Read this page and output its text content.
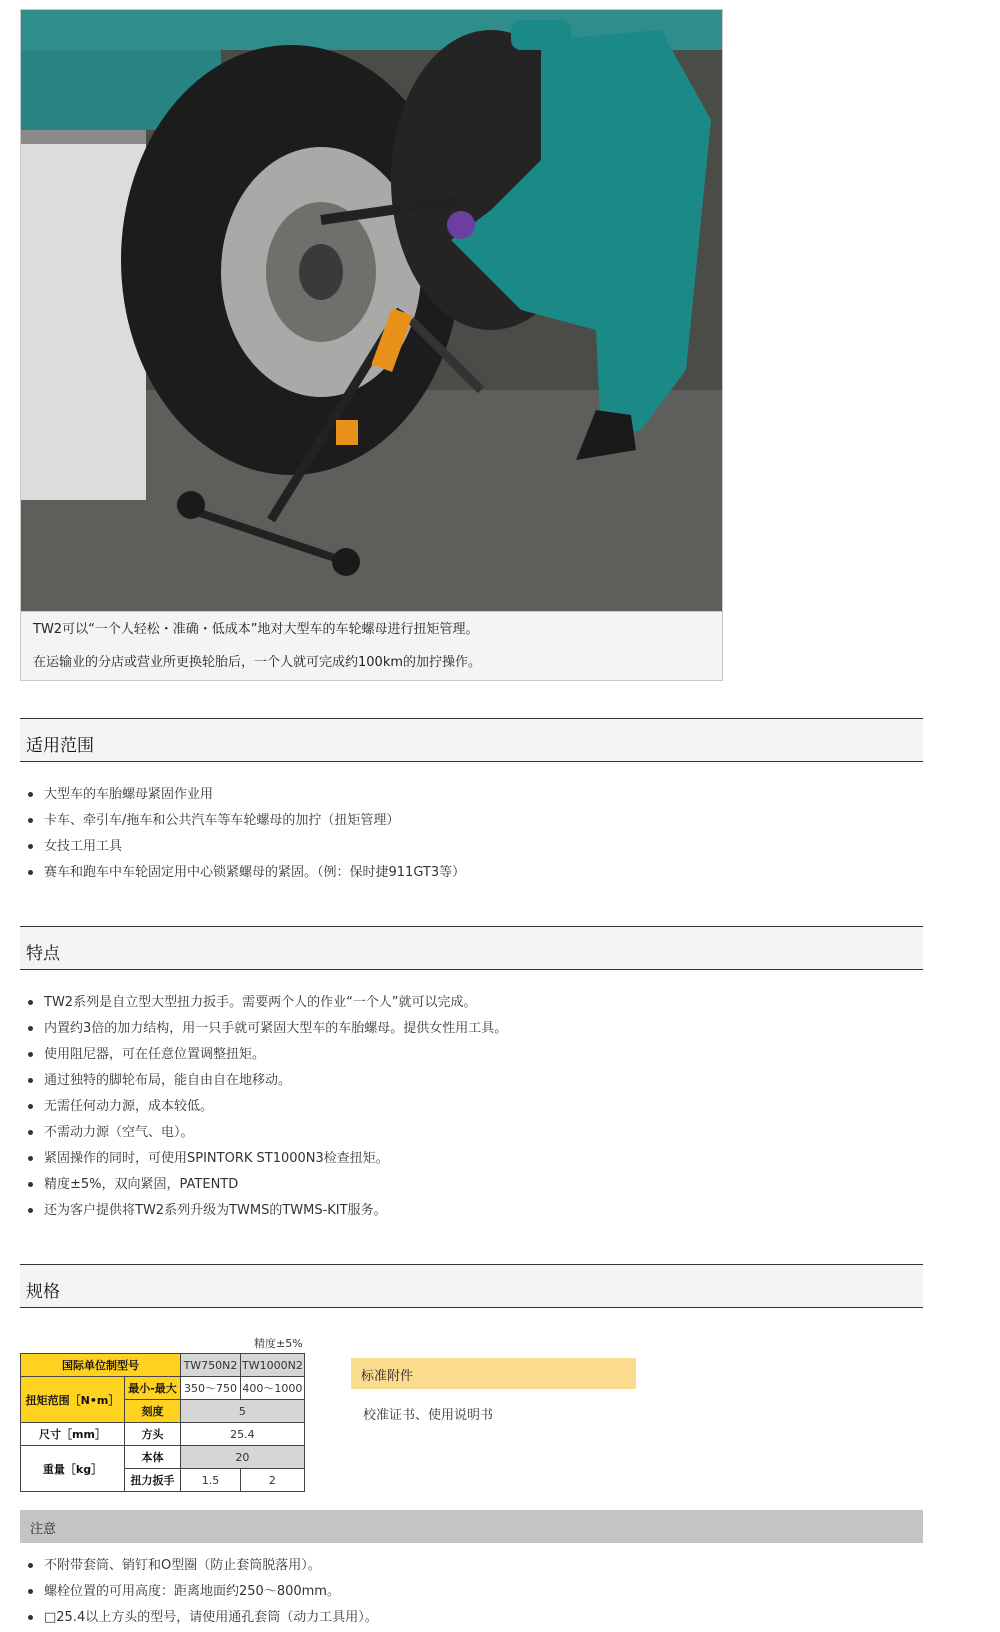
TW2可以“一个人轻松・准确・低成本”地对大型车的车轮螺母进行扭矩管理。

在运输业的分店或营业所更换轮胎后，一个人就可完成约100km的加拧操作。

适用范围
大型车的车胎螺母紧固作业用
卡车、牵引车/拖车和公共汽车等车轮螺母的加拧（扭矩管理）
女技工用工具
赛车和跑车中车轮固定用中心锁紧螺母的紧固。（例：保时捷911GT3等）
特点
TW2系列是自立型大型扭力扳手。需要两个人的作业“一个人”就可以完成。
内置约3倍的加力结构，用一只手就可紧固大型车的车胎螺母。提供女性用工具。
使用阻尼器，可在任意位置调整扭矩。
通过独特的脚轮布局，能自由自在地移动。
无需任何动力源，成本较低。
不需动力源（空气、电）。
紧固操作的同时，可使用SPINTORK ST1000N3检查扭矩。
精度±5%，双向紧固，PATENTD
还为客户提供将TW2系列升级为TWMS的TWMS-KIT服务。
规格
精度±5%
国际单位制型号		TW750N2	TW1000N2
扭矩范围［N•m］	最小-最大	350～750	400～1000
	刻度	5	
尺寸［mm］	方头	25.4	
重量［kg］	本体	20	
	扭力扳手	1.5	2
标准附件
校准证书、使用说明书
注意
不附带套筒、销钉和O型圈（防止套筒脱落用）。
螺栓位置的可用高度：距离地面约250～800mm。
□25.4以上方头的型号，请使用通孔套筒（动力工具用）。
